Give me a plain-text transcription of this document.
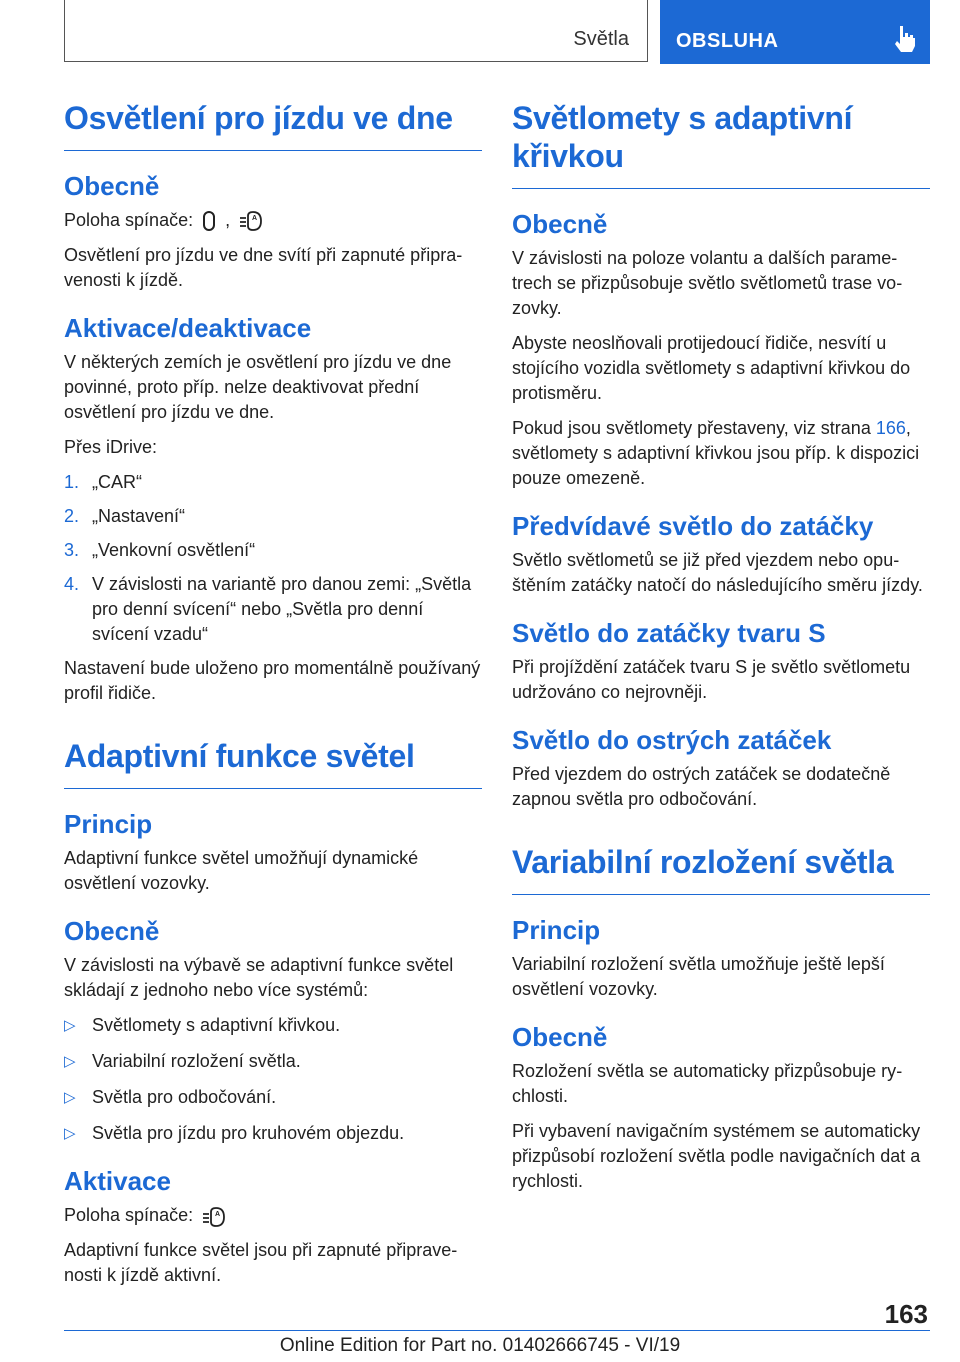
Světla OBSLUHA
Osvětlení pro jízdu ve dne
Obecně

Poloha spínače: ,	A

Osvětlení pro jízdu ve dne svítí při zapnuté připravenosti k jízdě.

Aktivace/deaktivace

V některých zemích je osvětlení pro jízdu ve dne povinné, proto příp. nelze deaktivovat přední osvětlení pro jízdu ve dne.

Přes iDrive:

1. „CAR“
2. „Nastavení“
3. „Venkovní osvětlení“
4. V závislosti na variantě pro danou zemi: „Světla pro denní svícení“ nebo „Světla pro denní svícení vzadu“

Nastavení bude uloženo pro momentálně používaný profil řidiče.

Adaptivní funkce světel
Princip

Adaptivní funkce světel umožňují dynamické osvětlení vozovky.

Obecně

V závislosti na výbavě se adaptivní funkce světel skládají z jednoho nebo více systémů:

▷ Světlomety s adaptivní křivkou.
▷ Variabilní rozložení světla.
▷ Světla pro odbočování.
▷ Světla pro jízdu pro kruhovém objezdu.
Aktivace

Poloha spínače:	A

Adaptivní funkce světel jsou při zapnuté připravenosti k jízdě aktivní.

Světlomety s adaptivní křivkou
Obecně

V závislosti na poloze volantu a dalších parametrech se přizpůsobuje světlo světlometů trase vozovky.

Abyste neoslňovali protijedoucí řidiče, nesvítí u stojícího vozidla světlomety s adaptivní křivkou do protisměru.

Pokud jsou světlomety přestaveny, viz strana 166, světlomety s adaptivní křivkou jsou příp. k dispozici pouze omezeně.

Předvídavé světlo do zatáčky

Světlo světlometů se již před vjezdem nebo opuštěním zatáčky natočí do následujícího směru jízdy.

Světlo do zatáčky tvaru S

Při projíždění zatáček tvaru S je světlo světlometu udržováno co nejrovněji.

Světlo do ostrých zatáček

Před vjezdem do ostrých zatáček se dodatečně zapnou světla pro odbočování.

Variabilní rozložení světla
Princip

Variabilní rozložení světla umožňuje ještě lepší osvětlení vozovky.

Obecně

Rozložení světla se automaticky přizpůsobuje rychlosti.

Při vybavení navigačním systémem se automaticky přizpůsobí rozložení světla podle navigačních dat a rychlosti.

163
Online Edition for Part no. 01402666745 - VI/19
